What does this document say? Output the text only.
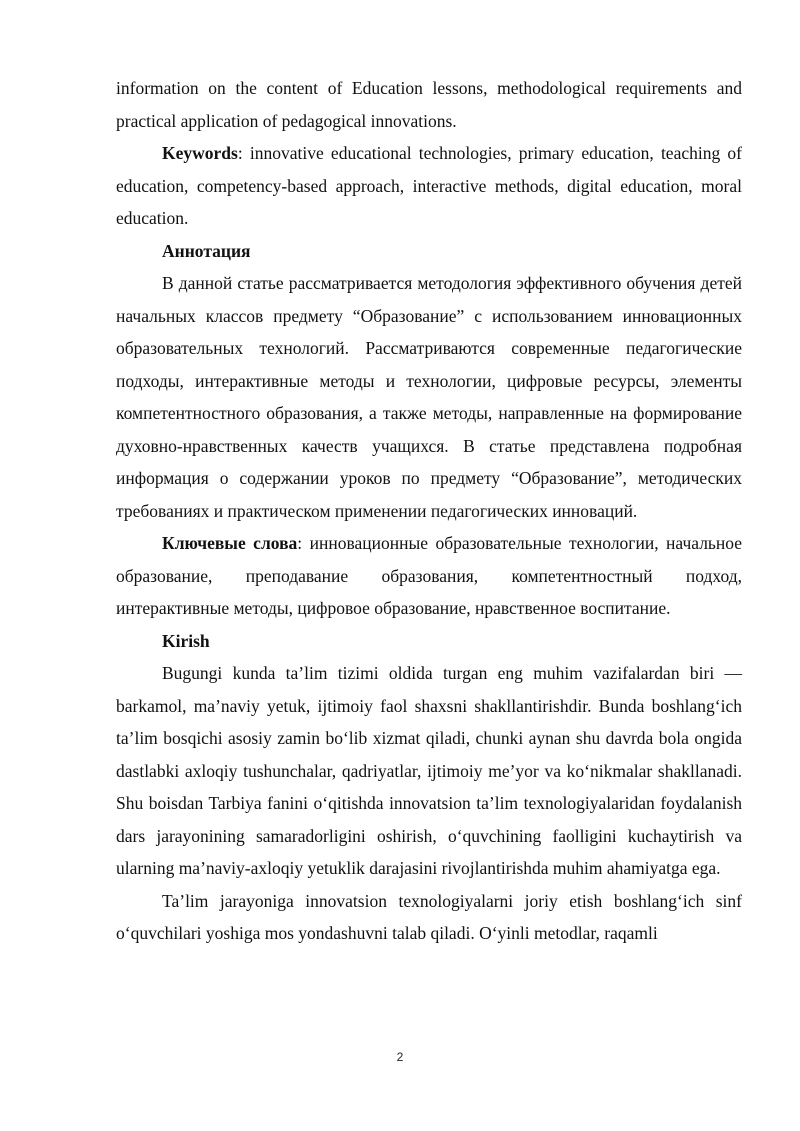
information on the content of Education lessons, methodological requirements and practical application of pedagogical innovations.

Keywords: innovative educational technologies, primary education, teaching of education, competency-based approach, interactive methods, digital education, moral education.

Аннотация

В данной статье рассматривается методология эффективного обучения детей начальных классов предмету “Образование” с использованием инновационных образовательных технологий. Рассматриваются современные педагогические подходы, интерактивные методы и технологии, цифровые ресурсы, элементы компетентностного образования, а также методы, направленные на формирование духовно-нравственных качеств учащихся. В статье представлена подробная информация о содержании уроков по предмету “Образование”, методических требованиях и практическом применении педагогических инноваций.

Ключевые слова: инновационные образовательные технологии, начальное образование, преподавание образования, компетентностный подход, интерактивные методы, цифровое образование, нравственное воспитание.

Kirish

Bugungi kunda ta’lim tizimi oldida turgan eng muhim vazifalardan biri — barkamol, ma’naviy yetuk, ijtimoiy faol shaxsni shakllantirishdir. Bunda boshlang‘ich ta’lim bosqichi asosiy zamin bo‘lib xizmat qiladi, chunki aynan shu davrda bola ongida dastlabki axloqiy tushunchalar, qadriyatlar, ijtimoiy me’yor va ko‘nikmalar shakllanadi. Shu boisdan Tarbiya fanini o‘qitishda innovatsion ta’lim texnologiyalaridan foydalanish dars jarayonining samaradorligini oshirish, o‘quvchining faolligini kuchaytirish va ularning ma’naviy-axloqiy yetuklik darajasini rivojlantirishda muhim ahamiyatga ega.

Ta’lim jarayoniga innovatsion texnologiyalarni joriy etish boshlang‘ich sinf o‘quvchilari yoshiga mos yondashuvni talab qiladi. O‘yinli metodlar, raqamli

2
